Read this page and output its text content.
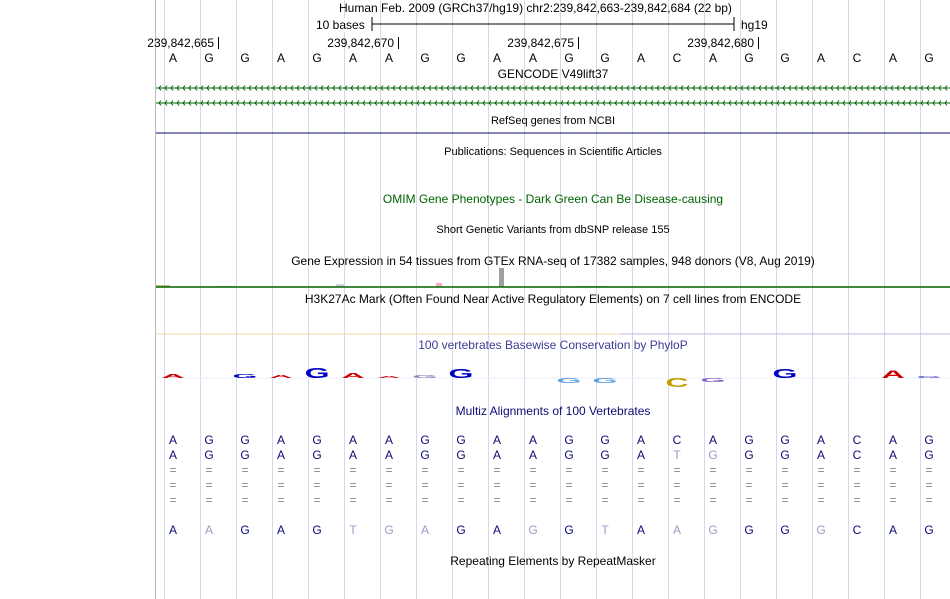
Human Feb. 2009 (GRCh37/hg19) chr2:239,842,663-239,842,684 (22 bp)
10 bases	hg19
239,842,665	239,842,670	239,842,675	239,842,680
A G G A G A A G G A A G G A C A G G A C A G
GENCODE V49lift37
RefSeq genes from NCBI
Publications: Sequences in Scientific Articles
OMIM Gene Phenotypes - Dark Green Can Be Disease-causing
Short Genetic Variants from dbSNP release 155
Gene Expression in 54 tissues from GTEx RNA-seq of 17382 samples, 948 donors (V8, Aug 2019)
H3K27Ac Mark (Often Found Near Active Regulatory Elements) on 7 cell lines from ENCODE
100 vertebrates Basewise Conservation by PhyloP
A G A G A A G G	G G C G G	A G
Multiz Alignments of 100 Vertebrates
A G G A G A A G G A A G G A C A G G A C A G
A G G A G A A G G A A G G A T G G G A C A G
= = = = = = = = = = = = = = = = = = = = = =
= = = = = = = = = = = = = = = = = = = = = =
= = = = = = = = = = = = = = = = = = = = = =
A A G A G T G A G A G G T A A G G G G C A G
Repeating Elements by RepeatMasker
